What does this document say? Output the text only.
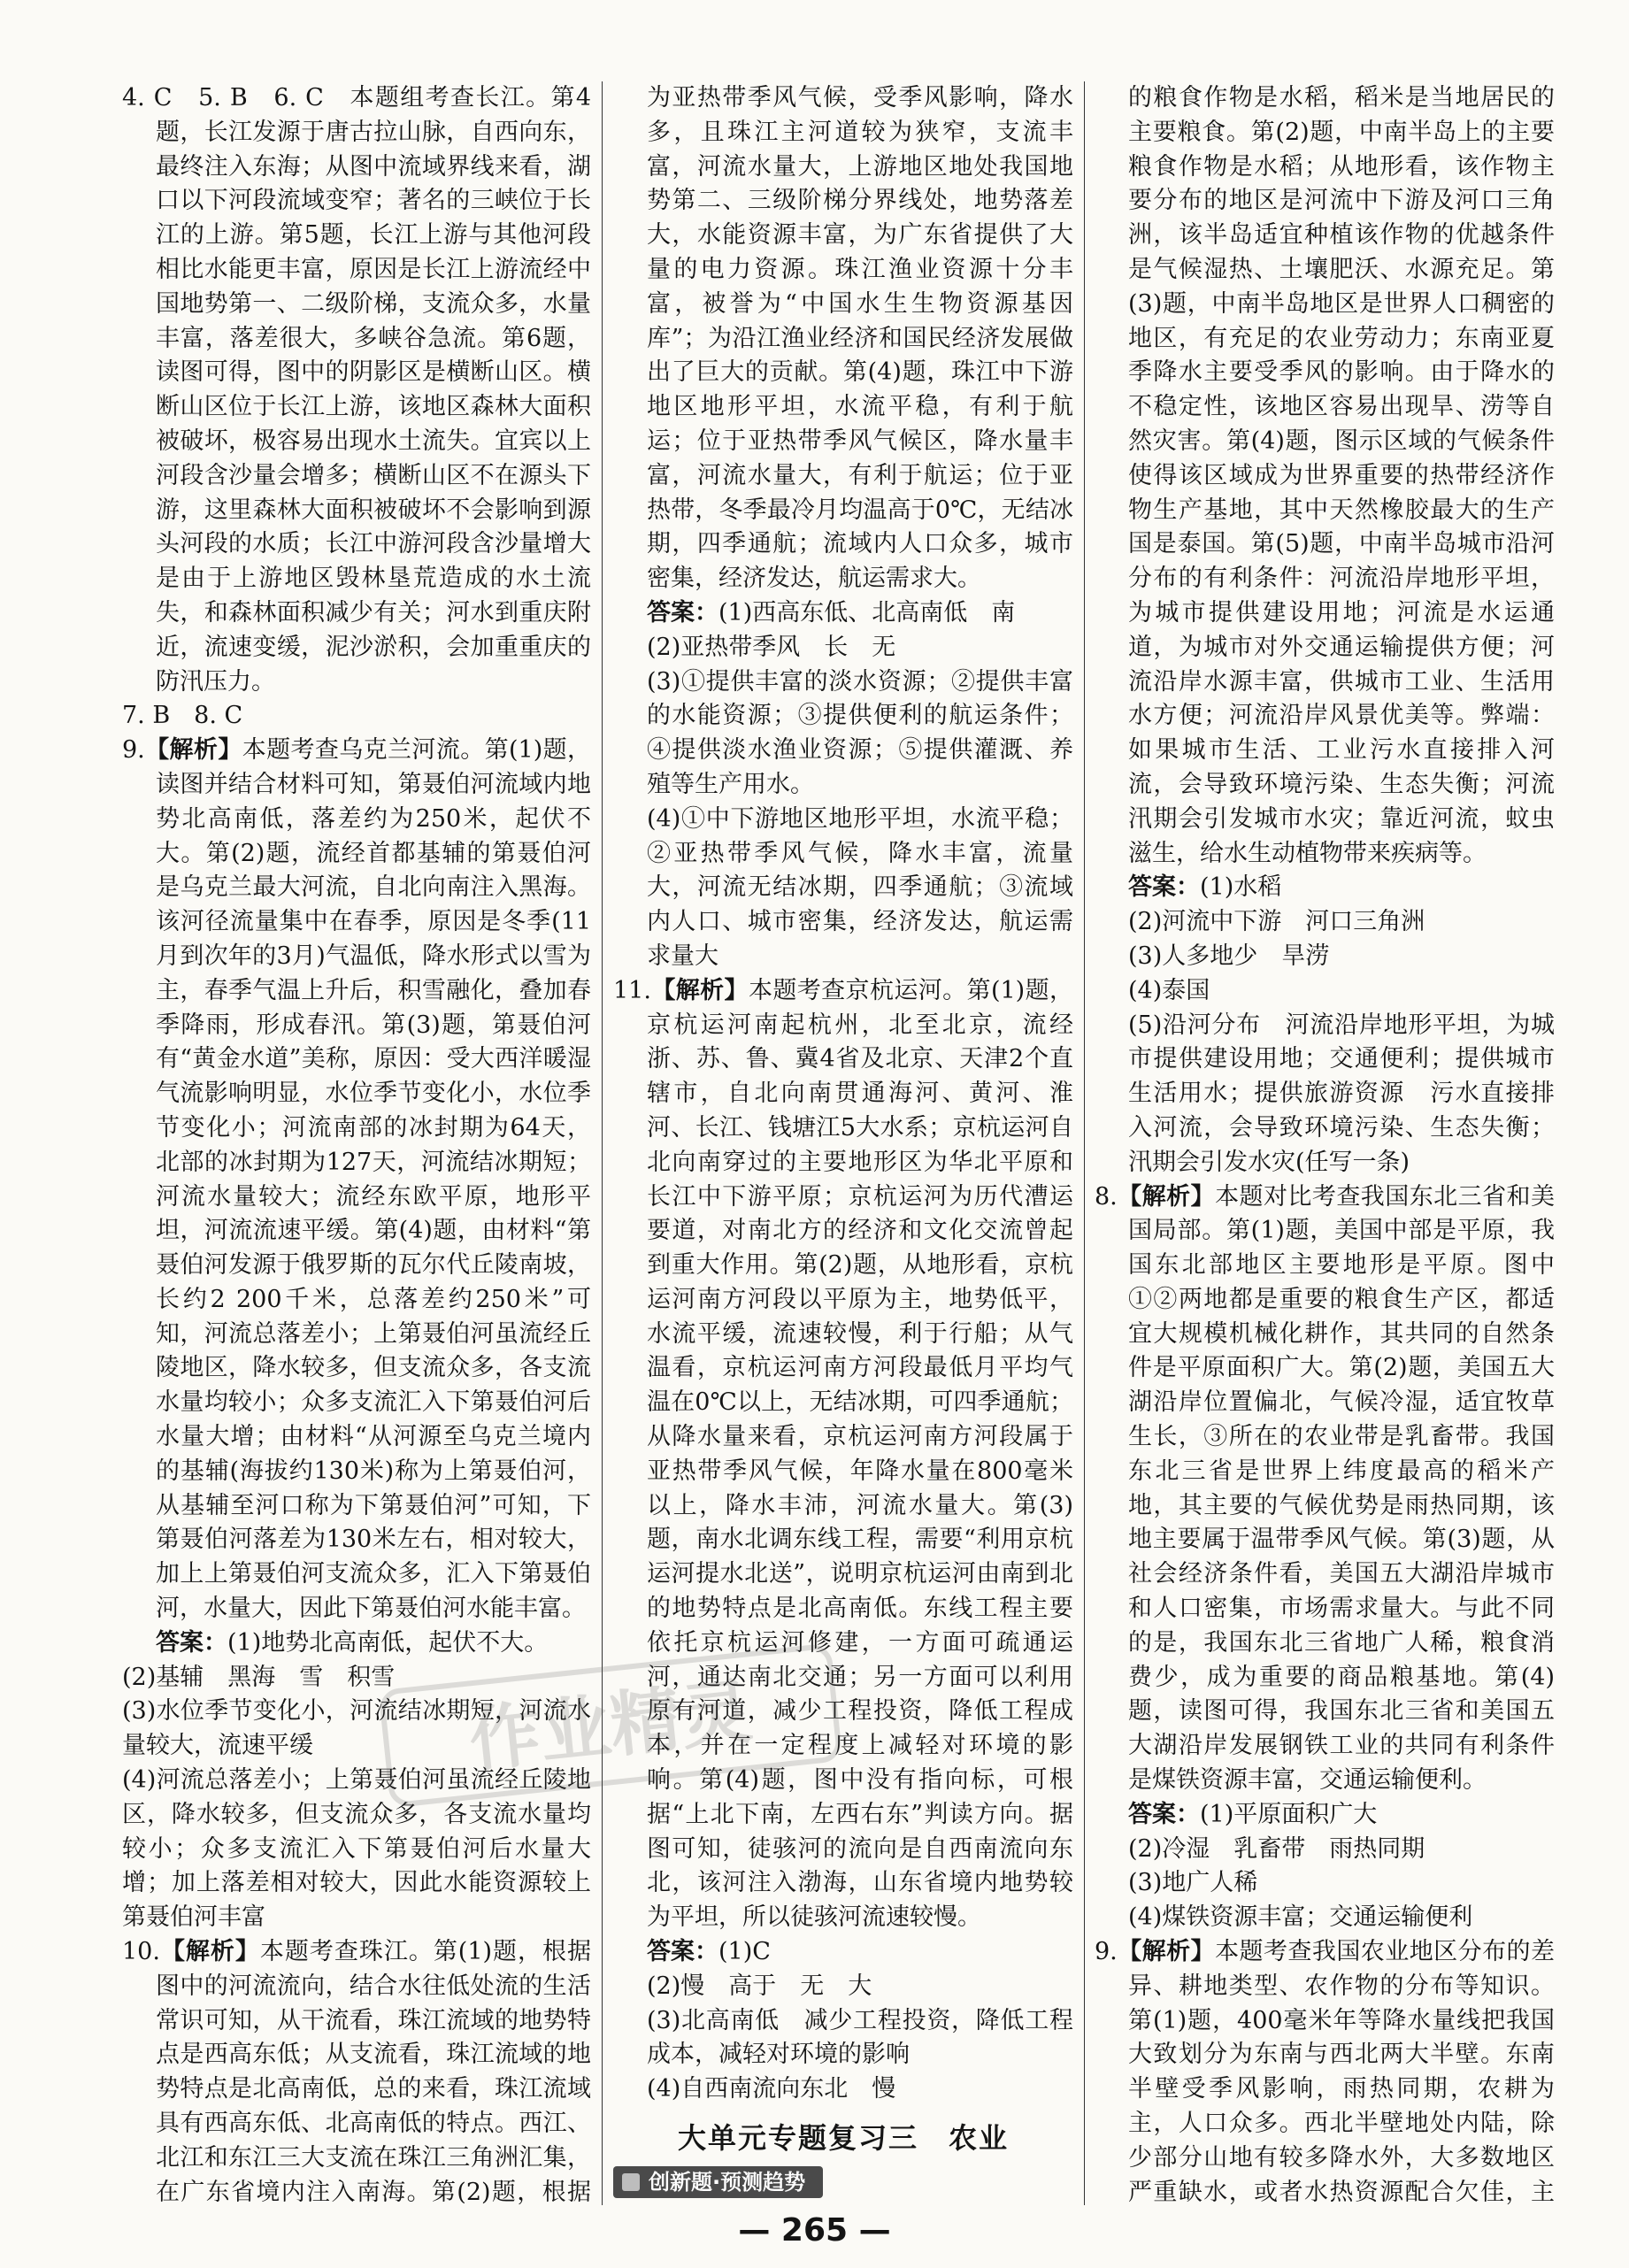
4. C　5. B　6. C　本题组考查长江。第4题，长江发源于唐古拉山脉，自西向东，最终注入东海；从图中流域界线来看，湖口以下河段流域变窄；著名的三峡位于长江的上游。第5题，长江上游与其他河段相比水能更丰富，原因是长江上游流经中国地势第一、二级阶梯，支流众多，水量丰富，落差很大，多峡谷急流。第6题，读图可得，图中的阴影区是横断山区。横断山区位于长江上游，该地区森林大面积被破坏，极容易出现水土流失。宜宾以上河段含沙量会增多；横断山区不在源头下游，这里森林大面积被破坏不会影响到源头河段的水质；长江中游河段含沙量增大是由于上游地区毁林垦荒造成的水土流失，和森林面积减少有关；河水到重庆附近，流速变缓，泥沙淤积，会加重重庆的防汛压力。

7. B　8. C

9.【解析】本题考查乌克兰河流。第(1)题，读图并结合材料可知，第聂伯河流域内地势北高南低，落差约为250米，起伏不大。第(2)题，流经首都基辅的第聂伯河是乌克兰最大河流，自北向南注入黑海。该河径流量集中在春季，原因是冬季(11月到次年的3月)气温低，降水形式以雪为主，春季气温上升后，积雪融化，叠加春季降雨，形成春汛。第(3)题，第聂伯河有“黄金水道”美称，原因：受大西洋暖湿气流影响明显，水位季节变化小，水位季节变化小；河流南部的冰封期为64天，北部的冰封期为127天，河流结冰期短；河流水量较大；流经东欧平原，地形平坦，河流流速平缓。第(4)题，由材料“第聂伯河发源于俄罗斯的瓦尔代丘陵南坡，长约2 200千米，总落差约250米”可知，河流总落差小；上第聂伯河虽流经丘陵地区，降水较多，但支流众多，各支流水量均较小；众多支流汇入下第聂伯河后水量大增；由材料“从河源至乌克兰境内的基辅(海拔约130米)称为上第聂伯河，从基辅至河口称为下第聂伯河”可知，下第聂伯河落差为130米左右，相对较大，加上上第聂伯河支流众多，汇入下第聂伯河，水量大，因此下第聂伯河水能丰富。

答案：(1)地势北高南低，起伏不大。

(2)基辅　黑海　雪　积雪

(3)水位季节变化小，河流结冰期短，河流水量较大，流速平缓

(4)河流总落差小；上第聂伯河虽流经丘陵地区，降水较多，但支流众多，各支流水量均较小；众多支流汇入下第聂伯河后水量大增；加上落差相对较大，因此水能资源较上第聂伯河丰富

10.【解析】本题考查珠江。第(1)题，根据图中的河流流向，结合水往低处流的生活常识可知，从干流看，珠江流域的地势特点是西高东低；从支流看，珠江流域的地势特点是北高南低，总的来看，珠江流域具有西高东低、北高南低的特点。西江、北江和东江三大支流在珠江三角洲汇集，在广东省境内注入南海。第(2)题，根据

为亚热带季风气候，受季风影响，降水多，且珠江主河道较为狭窄，支流丰富，河流水量大，上游地区地处我国地势第二、三级阶梯分界线处，地势落差大，水能资源丰富，为广东省提供了大量的电力资源。珠江渔业资源十分丰富，被誉为“中国水生生物资源基因库”；为沿江渔业经济和国民经济发展做出了巨大的贡献。第(4)题，珠江中下游地区地形平坦，水流平稳，有利于航运；位于亚热带季风气候区，降水量丰富，河流水量大，有利于航运；位于亚热带，冬季最冷月均温高于0℃，无结冰期，四季通航；流域内人口众多，城市密集，经济发达，航运需求大。

答案：(1)西高东低、北高南低　南

(2)亚热带季风　长　无

(3)①提供丰富的淡水资源；②提供丰富的水能资源；③提供便利的航运条件；④提供淡水渔业资源；⑤提供灌溉、养殖等生产用水。

(4)①中下游地区地形平坦，水流平稳；②亚热带季风气候，降水丰富，流量大，河流无结冰期，四季通航；③流域内人口、城市密集，经济发达，航运需求量大

11.【解析】本题考查京杭运河。第(1)题，京杭运河南起杭州，北至北京，流经浙、苏、鲁、冀4省及北京、天津2个直辖市，自北向南贯通海河、黄河、淮河、长江、钱塘江5大水系；京杭运河自北向南穿过的主要地形区为华北平原和长江中下游平原；京杭运河为历代漕运要道，对南北方的经济和文化交流曾起到重大作用。第(2)题，从地形看，京杭运河南方河段以平原为主，地势低平，水流平缓，流速较慢，利于行船；从气温看，京杭运河南方河段最低月平均气温在0℃以上，无结冰期，可四季通航；从降水量来看，京杭运河南方河段属于亚热带季风气候，年降水量在800毫米以上，降水丰沛，河流水量大。第(3)题，南水北调东线工程，需要“利用京杭运河提水北送”，说明京杭运河由南到北的地势特点是北高南低。东线工程主要依托京杭运河修建，一方面可疏通运河，通达南北交通；另一方面可以利用原有河道，减少工程投资，降低工程成本，并在一定程度上减轻对环境的影响。第(4)题，图中没有指向标，可根据“上北下南，左西右东”判读方向。据图可知，徒骇河的流向是自西南流向东北，该河注入渤海，山东省境内地势较为平坦，所以徒骇河流速较慢。

答案：(1)C

(2)慢　高于　无　大

(3)北高南低　减少工程投资，降低工程成本，减轻对环境的影响

(4)自西南流向东北　慢

大单元专题复习三　农业
创新题·预测趋势

的粮食作物是水稻，稻米是当地居民的主要粮食。第(2)题，中南半岛上的主要粮食作物是水稻；从地形看，该作物主要分布的地区是河流中下游及河口三角洲，该半岛适宜种植该作物的优越条件是气候湿热、土壤肥沃、水源充足。第(3)题，中南半岛地区是世界人口稠密的地区，有充足的农业劳动力；东南亚夏季降水主要受季风的影响。由于降水的不稳定性，该地区容易出现旱、涝等自然灾害。第(4)题，图示区域的气候条件使得该区域成为世界重要的热带经济作物生产基地，其中天然橡胶最大的生产国是泰国。第(5)题，中南半岛城市沿河分布的有利条件：河流沿岸地形平坦，为城市提供建设用地；河流是水运通道，为城市对外交通运输提供方便；河流沿岸水源丰富，供城市工业、生活用水方便；河流沿岸风景优美等。弊端：如果城市生活、工业污水直接排入河流，会导致环境污染、生态失衡；河流汛期会引发城市水灾；靠近河流，蚊虫滋生，给水生动植物带来疾病等。

答案：(1)水稻

(2)河流中下游　河口三角洲

(3)人多地少　旱涝

(4)泰国

(5)沿河分布　河流沿岸地形平坦，为城市提供建设用地；交通便利；提供城市生活用水；提供旅游资源　污水直接排入河流，会导致环境污染、生态失衡；汛期会引发水灾(任写一条)

8.【解析】本题对比考查我国东北三省和美国局部。第(1)题，美国中部是平原，我国东北部地区主要地形是平原。图中①②两地都是重要的粮食生产区，都适宜大规模机械化耕作，其共同的自然条件是平原面积广大。第(2)题，美国五大湖沿岸位置偏北，气候冷湿，适宜牧草生长，③所在的农业带是乳畜带。我国东北三省是世界上纬度最高的稻米产地，其主要的气候优势是雨热同期，该地主要属于温带季风气候。第(3)题，从社会经济条件看，美国五大湖沿岸城市和人口密集，市场需求量大。与此不同的是，我国东北三省地广人稀，粮食消费少，成为重要的商品粮基地。第(4)题，读图可得，我国东北三省和美国五大湖沿岸发展钢铁工业的共同有利条件是煤铁资源丰富，交通运输便利。

答案：(1)平原面积广大

(2)冷湿　乳畜带　雨热同期

(3)地广人稀

(4)煤铁资源丰富；交通运输便利

9.【解析】本题考查我国农业地区分布的差异、耕地类型、农作物的分布等知识。第(1)题，400毫米年等降水量线把我国大致划分为东南与西北两大半壁。东南半壁受季风影响，雨热同期，农耕为主，人口众多。西北半壁地处内陆，除少部分山地有较多降水外，大多数地区严重缺水，或者水热资源配合欠佳，主

作业精灵
— 265 —
